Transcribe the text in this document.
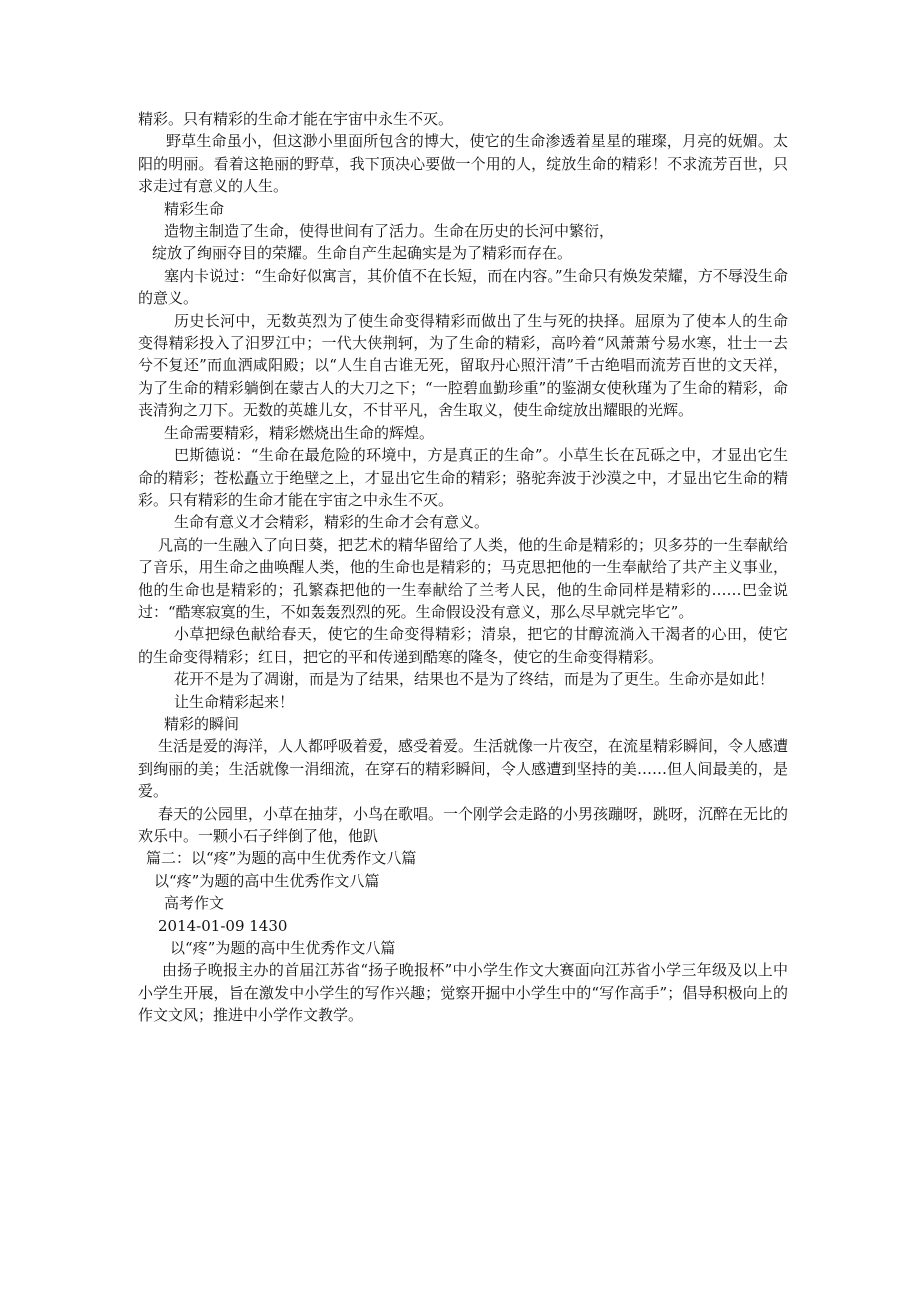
精彩。只有精彩的生命才能在宇宙中永生不灭。

野草生命虽小，但这渺小里面所包含的博大，使它的生命渗透着星星的璀璨，月亮的妩媚。太阳的明丽。看着这艳丽的野草，我下顶决心要做一个用的人，绽放生命的精彩！不求流芳百世，只求走过有意义的人生。

精彩生命

造物主制造了生命，使得世间有了活力。生命在历史的长河中繁衍，

绽放了绚丽夺目的荣耀。生命自产生起确实是为了精彩而存在。

塞内卡说过：“生命好似寓言，其价值不在长短，而在内容。”生命只有焕发荣耀，方不辱没生命的意义。

历史长河中，无数英烈为了使生命变得精彩而做出了生与死的抉择。屈原为了使本人的生命变得精彩投入了汨罗江中；一代大侠荆轲，为了生命的精彩，高吟着“风萧萧兮易水寒，壮士一去兮不复还”而血洒咸阳殿；以“人生自古谁无死，留取丹心照汗清”千古绝唱而流芳百世的文天祥，为了生命的精彩躺倒在蒙古人的大刀之下；“一腔碧血勤珍重”的鉴湖女使秋瑾为了生命的精彩，命丧清狗之刀下。无数的英雄儿女，不甘平凡，舍生取义，使生命绽放出耀眼的光辉。

生命需要精彩，精彩燃烧出生命的辉煌。

巴斯德说：“生命在最危险的环境中，方是真正的生命”。小草生长在瓦砾之中，才显出它生命的精彩；苍松矗立于绝壁之上，才显出它生命的精彩；骆驼奔波于沙漠之中，才显出它生命的精彩。只有精彩的生命才能在宇宙之中永生不灭。

生命有意义才会精彩，精彩的生命才会有意义。

凡高的一生融入了向日葵，把艺术的精华留给了人类，他的生命是精彩的；贝多芬的一生奉献给了音乐，用生命之曲唤醒人类，他的生命也是精彩的；马克思把他的一生奉献给了共产主义事业，他的生命也是精彩的；孔繁森把他的一生奉献给了兰考人民，他的生命同样是精彩的……巴金说过：“酷寒寂寞的生，不如轰轰烈烈的死。生命假设没有意义，那么尽早就完毕它”。

小草把绿色献给春天，使它的生命变得精彩；清泉，把它的甘醇流淌入干渴者的心田，使它的生命变得精彩；红日，把它的平和传递到酷寒的隆冬，使它的生命变得精彩。

花开不是为了凋谢，而是为了结果，结果也不是为了终结，而是为了更生。生命亦是如此！

让生命精彩起来！

精彩的瞬间

生活是爱的海洋，人人都呼吸着爱，感受着爱。生活就像一片夜空，在流星精彩瞬间，令人感遭到绚丽的美；生活就像一涓细流，在穿石的精彩瞬间，令人感遭到坚持的美……但人间最美的，是爱。

春天的公园里，小草在抽芽，小鸟在歌唱。一个刚学会走路的小男孩蹦呀，跳呀，沉醉在无比的欢乐中。一颗小石子绊倒了他，他趴

篇二：以“疼”为题的高中生优秀作文八篇

以“疼”为题的高中生优秀作文八篇

高考作文

2014-01-09 1430

以“疼”为题的高中生优秀作文八篇

由扬子晚报主办的首届江苏省“扬子晚报杯”中小学生作文大赛面向江苏省小学三年级及以上中小学生开展，旨在激发中小学生的写作兴趣；觉察开掘中小学生中的“写作高手”；倡导积极向上的作文文风；推进中小学作文教学。
